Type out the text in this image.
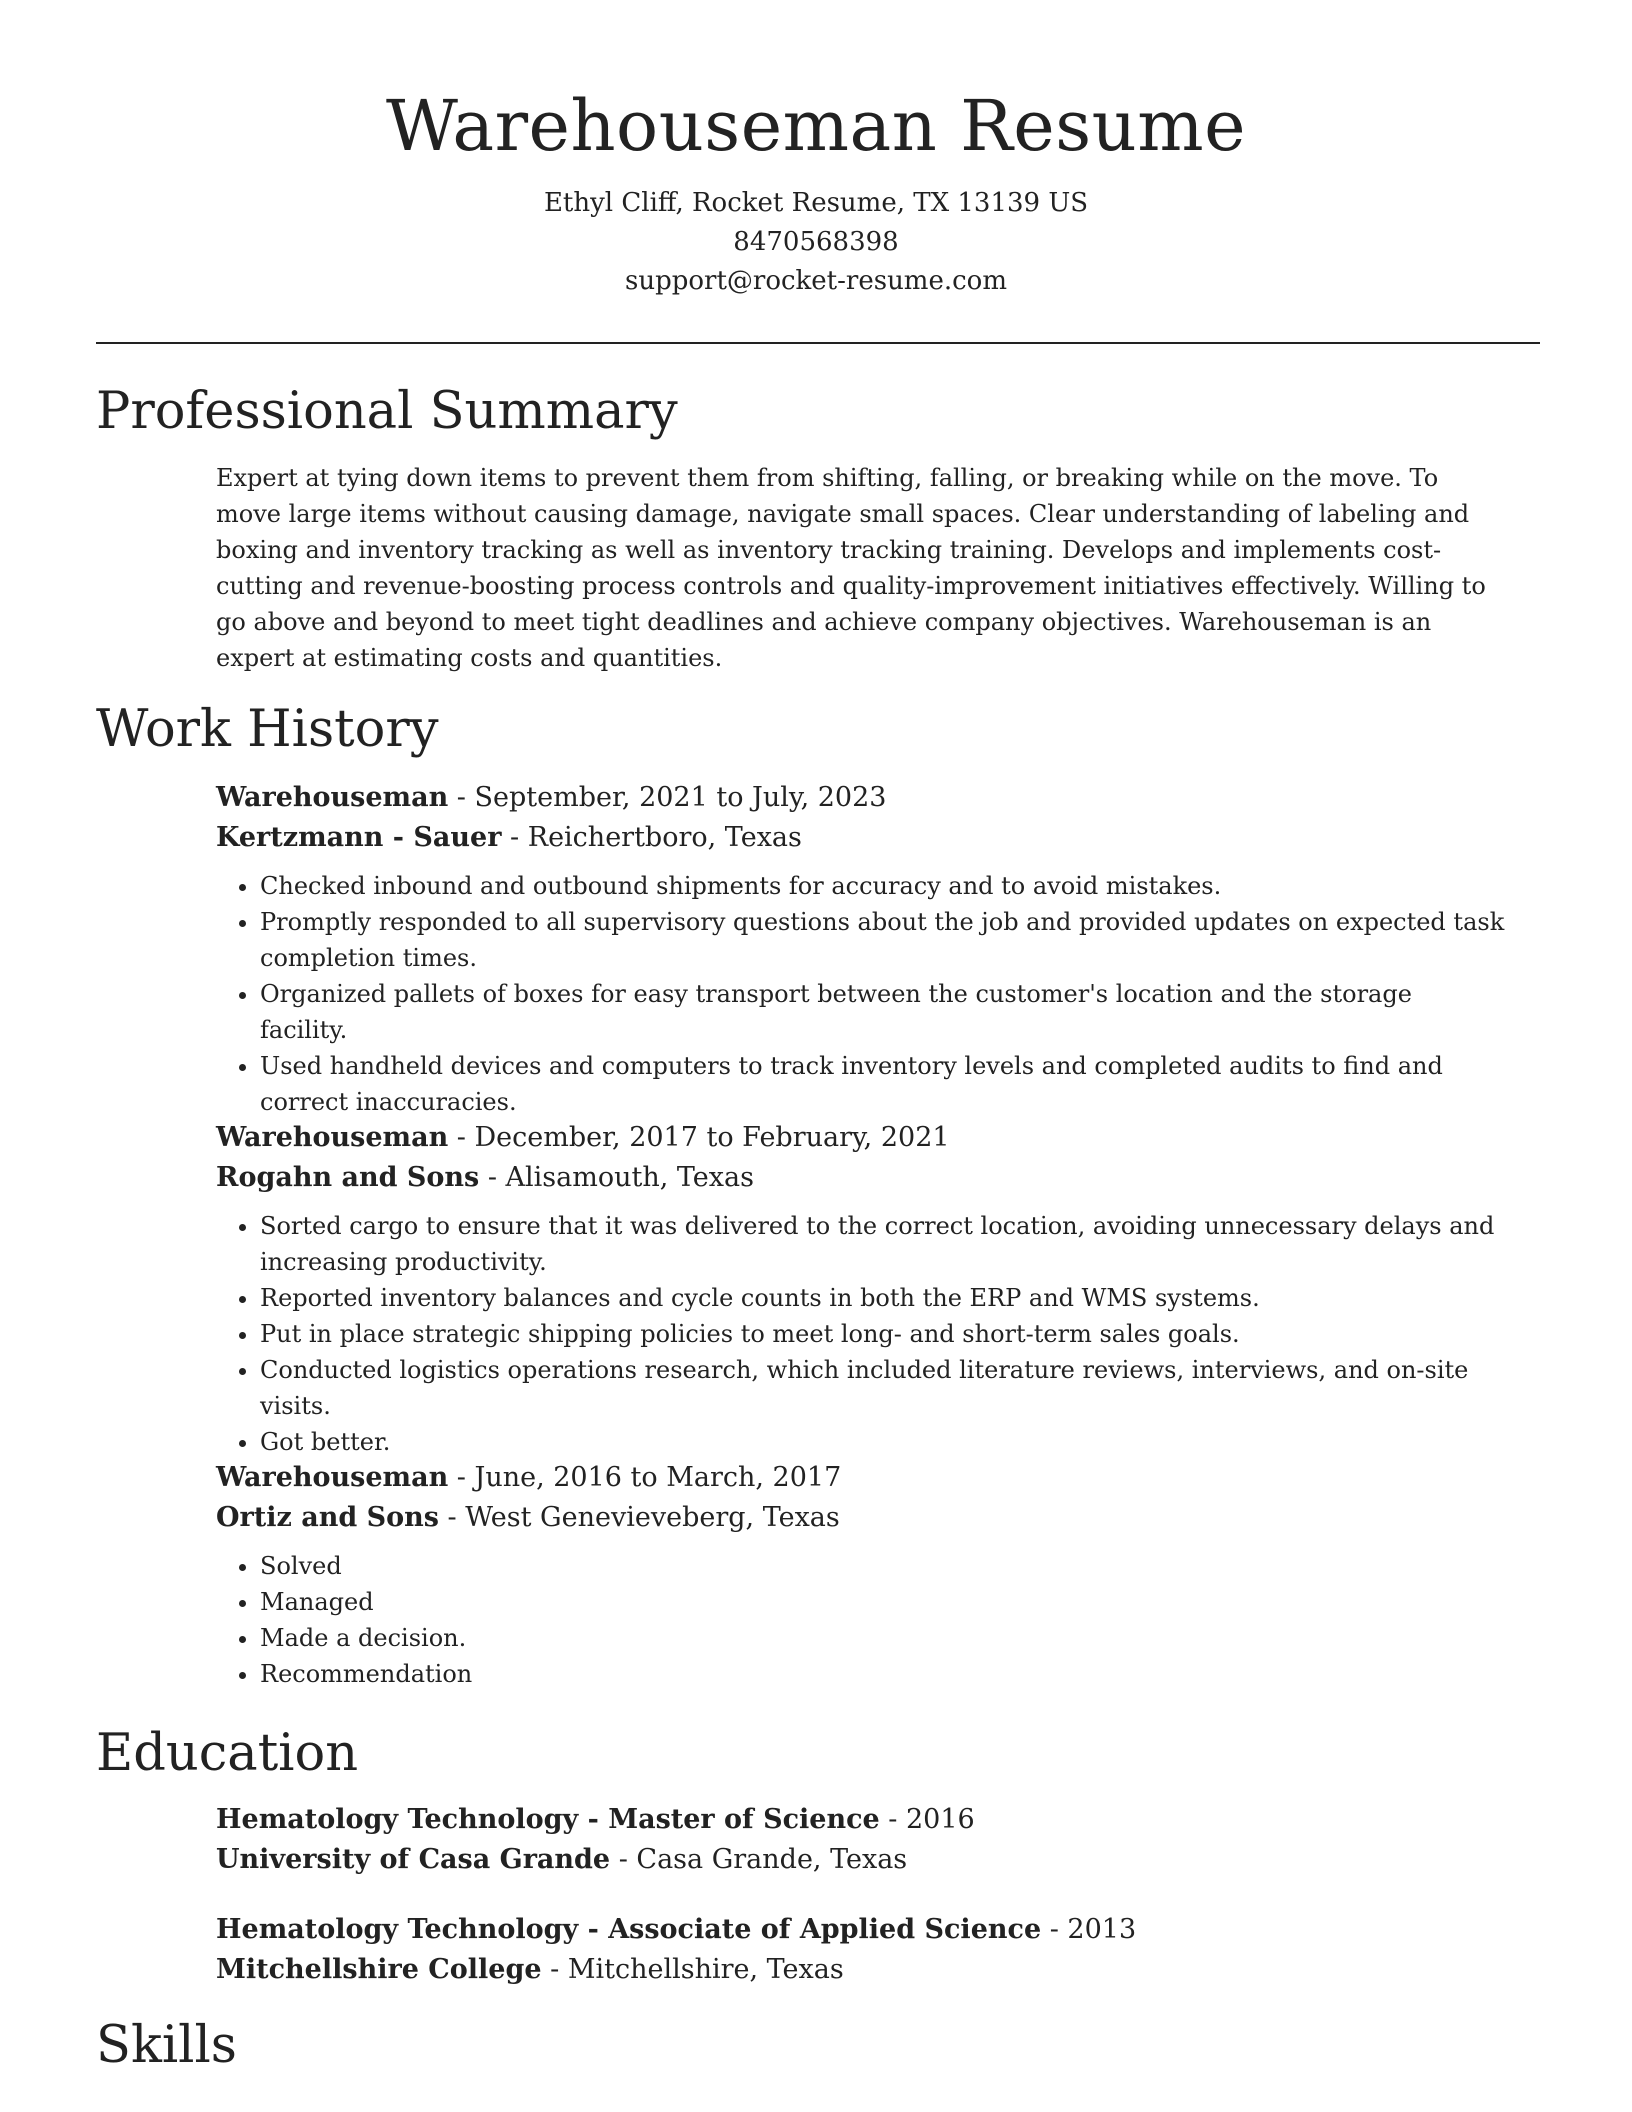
Warehouseman Resume
Ethyl Cliff, Rocket Resume, TX 13139 US
8470568398
support@rocket-resume.com
Professional Summary

Expert at tying down items to prevent them from shifting, falling, or breaking while on the move. To move large items without causing damage, navigate small spaces. Clear understanding of labeling and boxing and inventory tracking as well as inventory tracking training. Develops and implements cost-cutting and revenue-boosting process controls and quality-improvement initiatives effectively. Willing to go above and beyond to meet tight deadlines and achieve company objectives. Warehouseman is an expert at estimating costs and quantities.

Work History
Warehouseman - September, 2021 to July, 2023
Kertzmann - Sauer - Reichertboro, Texas
• Checked inbound and outbound shipments for accuracy and to avoid mistakes.
• Promptly responded to all supervisory questions about the job and provided updates on expected task completion times.
• Organized pallets of boxes for easy transport between the customer's location and the storage facility.
• Used handheld devices and computers to track inventory levels and completed audits to find and correct inaccuracies.
Warehouseman - December, 2017 to February, 2021
Rogahn and Sons - Alisamouth, Texas
• Sorted cargo to ensure that it was delivered to the correct location, avoiding unnecessary delays and increasing productivity.
• Reported inventory balances and cycle counts in both the ERP and WMS systems.
• Put in place strategic shipping policies to meet long- and short-term sales goals.
• Conducted logistics operations research, which included literature reviews, interviews, and on-site visits.
• Got better.
Warehouseman - June, 2016 to March, 2017
Ortiz and Sons - West Genevieveberg, Texas
• Solved
• Managed
• Made a decision.
• Recommendation
Education
Hematology Technology - Master of Science - 2016
University of Casa Grande - Casa Grande, Texas
Hematology Technology - Associate of Applied Science - 2013
Mitchellshire College - Mitchellshire, Texas
Skills
